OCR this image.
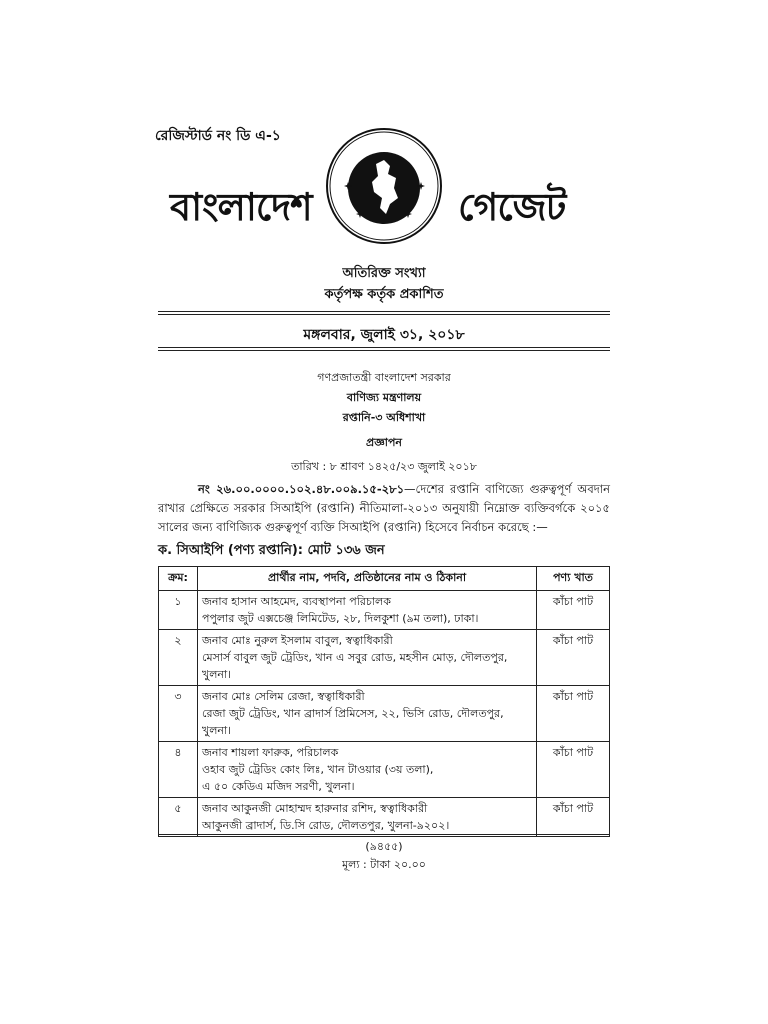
রেজিস্টার্ড নং ডি এ-১
বাংলাদেশ	গেজেট
অতিরিক্ত সংখ্যা
কর্তৃপক্ষ কর্তৃক প্রকাশিত
মঙ্গলবার, জুলাই ৩১, ২০১৮
গণপ্রজাতন্ত্রী বাংলাদেশ সরকার
বাণিজ্য মন্ত্রণালয়
রপ্তানি-৩ অধিশাখা
প্রজ্ঞাপন
তারিখ : ৮ শ্রাবণ ১৪২৫/২৩ জুলাই ২০১৮
নং ২৬.০০.০০০০.১০২.৪৮.০০৯.১৫-২৮১—দেশের রপ্তানি বাণিজ্যে গুরুত্বপূর্ণ অবদান রাখার প্রেক্ষিতে সরকার সিআইপি (রপ্তানি) নীতিমালা-২০১৩ অনুযায়ী নিম্নোক্ত ব্যক্তিবর্গকে ২০১৫ সালের জন্য বাণিজ্যিক গুরুত্বপূর্ণ ব্যক্তি সিআইপি (রপ্তানি) হিসেবে নির্বাচন করেছে :—
ক. সিআইপি (পণ্য রপ্তানি): মোট ১৩৬ জন
ক্রম:	প্রার্থীর নাম, পদবি, প্রতিষ্ঠানের নাম ও ঠিকানা	পণ্য খাত
১	জনাব হাসান আহমেদ, ব্যবস্থাপনা পরিচালক
পপুলার জুট এক্সচেঞ্জ লিমিটেড, ২৮, দিলকুশা (৯ম তলা), ঢাকা।	কাঁচা পাট
২	জনাব মোঃ নুরুল ইসলাম বাবুল, স্বত্বাধিকারী
মেসার্স বাবুল জুট ট্রেডিং, খান এ সবুর রোড, মহসীন মোড়, দৌলতপুর,
খুলনা।	কাঁচা পাট
৩	জনাব মোঃ সেলিম রেজা, স্বত্বাধিকারী
রেজা জুট ট্রেডিং, খান ব্রাদার্স প্রিমিসেস, ২২, ভিসি রোড, দৌলতপুর,
খুলনা।	কাঁচা পাট
৪	জনাব শায়লা ফারুক, পরিচালক
ওহাব জুট ট্রেডিং কোং লিঃ, খান টাওয়ার (৩য় তলা),
এ ৫০ কেডিএ মজিদ সরণী, খুলনা।	কাঁচা পাট
৫	জনাব আকুনজী মোহাম্মদ হারুনার রশিদ, স্বত্বাধিকারী
আকুনজী ব্রাদার্স, ডি.সি রোড, দৌলতপুর, খুলনা-৯২০২।	কাঁচা পাট
(৯৪৫৫)
মূল্য : টাকা ২০.০০
